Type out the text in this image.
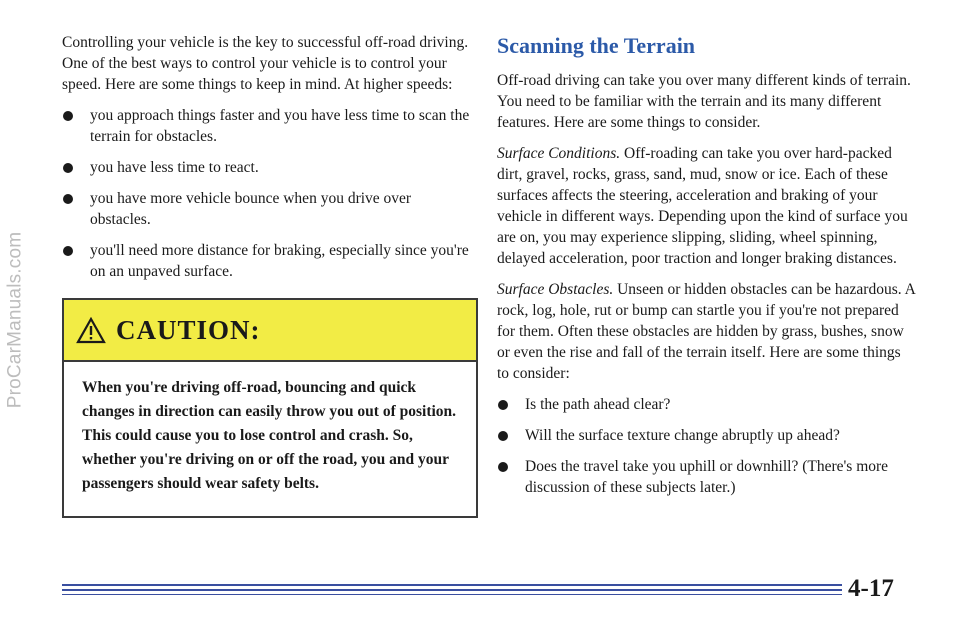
ProCarManuals.com

Controlling your vehicle is the key to successful off-road driving. One of the best ways to control your vehicle is to control your speed. Here are some things to keep in mind. At higher speeds:

you approach things faster and you have less time to scan the terrain for obstacles.
you have less time to react.
you have more vehicle bounce when you drive over obstacles.
you'll need more distance for braking, especially since you're on an unpaved surface.
CAUTION:
When you're driving off-road, bouncing and quick changes in direction can easily throw you out of position. This could cause you to lose control and crash. So, whether you're driving on or off the road, you and your passengers should wear safety belts.
Scanning the Terrain

Off-road driving can take you over many different kinds of terrain. You need to be familiar with the terrain and its many different features. Here are some things to consider.

Surface Conditions. Off-roading can take you over hard-packed dirt, gravel, rocks, grass, sand, mud, snow or ice. Each of these surfaces affects the steering, acceleration and braking of your vehicle in different ways. Depending upon the kind of surface you are on, you may experience slipping, sliding, wheel spinning, delayed acceleration, poor traction and longer braking distances.

Surface Obstacles. Unseen or hidden obstacles can be hazardous. A rock, log, hole, rut or bump can startle you if you're not prepared for them. Often these obstacles are hidden by grass, bushes, snow or even the rise and fall of the terrain itself. Here are some things to consider:

Is the path ahead clear?
Will the surface texture change abruptly up ahead?
Does the travel take you uphill or downhill? (There's more discussion of these subjects later.)
4-17
